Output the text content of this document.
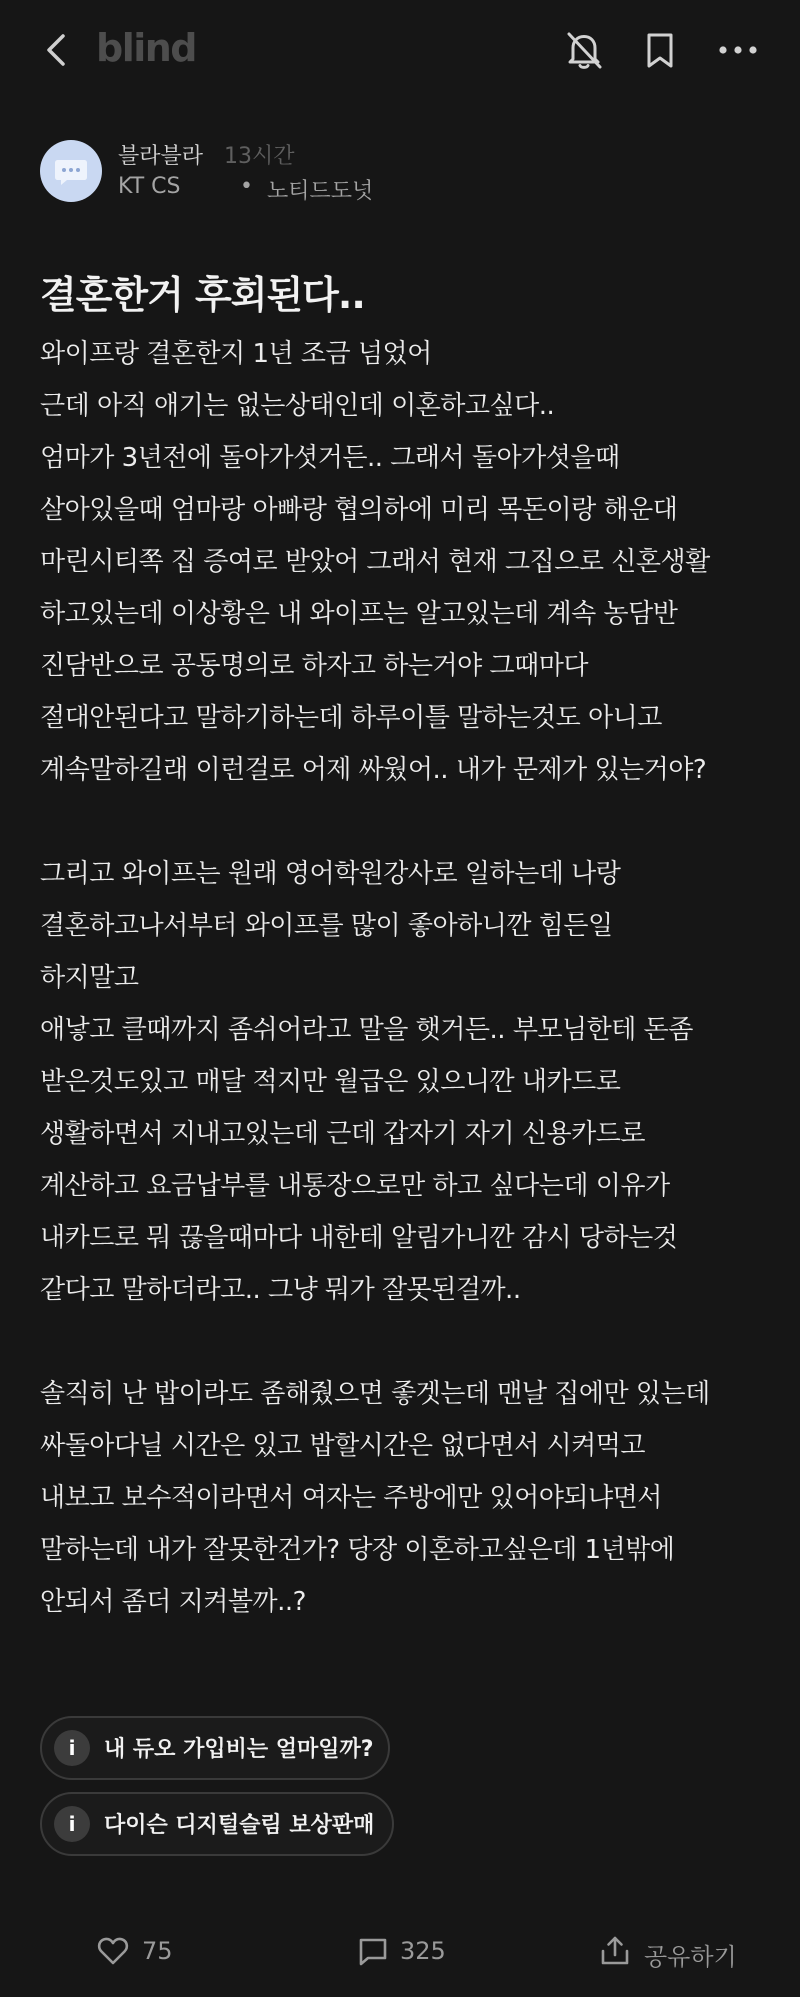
blind
블라블라 13시간
KT CS	• 노티드도넛
결혼한거 후회된다..
와이프랑 결혼한지 1년 조금 넘었어
근데 아직 애기는 없는상태인데 이혼하고싶다..
엄마가 3년전에 돌아가셧거든.. 그래서 돌아가셧을때
살아있을때 엄마랑 아빠랑 협의하에 미리 목돈이랑 해운대
마린시티쪽 집 증여로 받았어 그래서 현재 그집으로 신혼생활
하고있는데 이상황은 내 와이프는 알고있는데 계속 농담반
진담반으로 공동명의로 하자고 하는거야 그때마다
절대안된다고 말하기하는데 하루이틀 말하는것도 아니고
계속말하길래 이런걸로 어제 싸웠어.. 내가 문제가 있는거야?
그리고 와이프는 원래 영어학원강사로 일하는데 나랑
결혼하고나서부터 와이프를 많이 좋아하니깐 힘든일
하지말고
애낳고 클때까지 좀쉬어라고 말을 햇거든.. 부모님한테 돈좀
받은것도있고 매달 적지만 월급은 있으니깐 내카드로
생활하면서 지내고있는데 근데 갑자기 자기 신용카드로
계산하고 요금납부를 내통장으로만 하고 싶다는데 이유가
내카드로 뭐 끊을때마다 내한테 알림가니깐 감시 당하는것
같다고 말하더라고.. 그냥 뭐가 잘못된걸까..
솔직히 난 밥이라도 좀해줬으면 좋겟는데 맨날 집에만 있는데
싸돌아다닐 시간은 있고 밥할시간은 없다면서 시켜먹고
내보고 보수적이라면서 여자는 주방에만 있어야되냐면서
말하는데 내가 잘못한건가? 당장 이혼하고싶은데 1년밖에
안되서 좀더 지켜볼까..?
i	내 듀오 가입비는 얼마일까?
i	다이슨 디지털슬림 보상판매
75	325	공유하기
